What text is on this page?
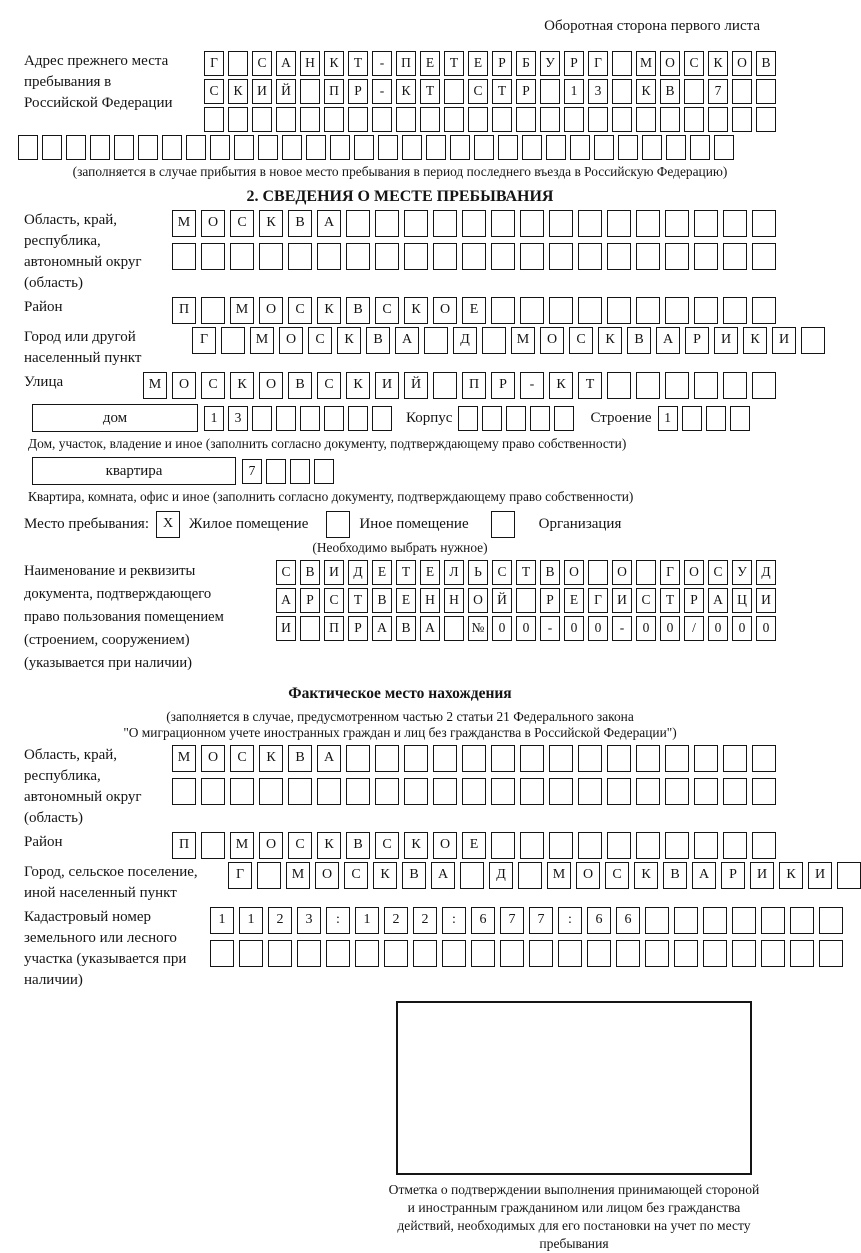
Оборотная сторона первого листа
Адрес прежнего места пребывания в Российской Федерации
Г	С	А	Н	К	Т	-	П	Е	Т	Е	Р	Б	У	Р	Г	М О	С	К	О	В
С	К	И	Й	П	Р	-	К	Т	С	Т	Р	1	3	К	В	7
(заполняется в случае прибытия в новое место пребывания в период последнего въезда в Российскую Федерацию)
2. СВЕДЕНИЯ О МЕСТЕ ПРЕБЫВАНИЯ
Область, край, республика, автономный округ (область)
М	О	С	К	В	А
Район	П	М	О	С	К	В	С	К	О	Е
Город или другой населенный пункт
Г	М	О	С	К	В	А	Д	М	О	С	К	В	А	Р	И	К	И
Улица	М	О	С	К	О	В	С	К	И	Й	П	Р	-	К	Т
дом	1	3	Корпус	Строение 1
Дом, участок, владение и иное (заполнить согласно документу, подтверждающему право собственности)
квартира	7
Квартира, комната, офис и иное (заполнить согласно документу, подтверждающему право собственности)
Место пребывания: X	Жилое помещение	Иное помещение	Организация
(Необходимо выбрать нужное)
Наименование и реквизиты документа, подтверждающего право пользования помещением (строением, сооружением) (указывается при наличии)
С	В	И	Д	Е	Т	Е	Л	Ь	С	Т	В	О	О	Г	О	С	У	Д
А	Р	С	Т	В	Е	Н	Н	О	Й	Р	Е	Г	И	С	Т	Р	А	Ц	И
И	П	Р	А	В	А	№	0	0	-	0	0	-	0	0	/	0	0	0
Фактическое место нахождения
(заполняется в случае, предусмотренном частью 2 статьи 21 Федерального закона
"О миграционном учете иностранных граждан и лиц без гражданства в Российской Федерации")
Область, край, республика, автономный округ (область)
М	О	С	К	В	А
Район	П	М	О	С	К	В	С	К	О	Е
Город, сельское поселение, иной населенный пункт
Г	М	О	С	К	В	А	Д	М	О	С	К	В	А	Р	И	К	И
Кадастровый номер земельного или лесного участка (указывается при наличии)
1	1	2	3	:	1	2	2	:	6	7	7	:	6	6
Отметка о подтверждении выполнения принимающей стороной и иностранным гражданином или лицом без гражданства действий, необходимых для его постановки на учет по месту пребывания
